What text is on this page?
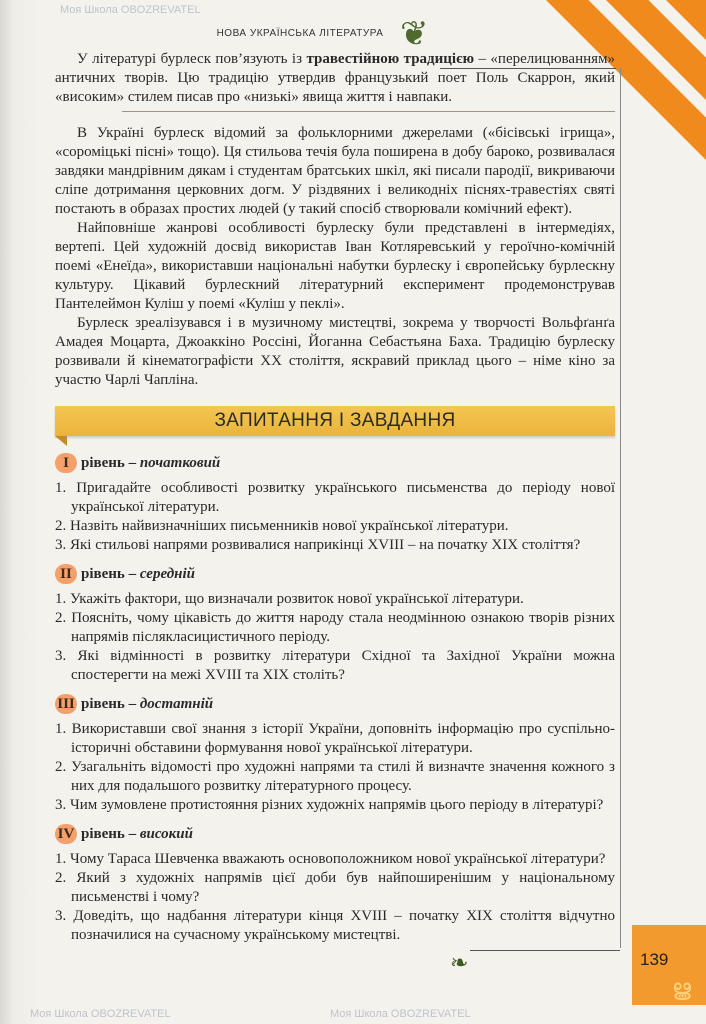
❦
❧
НОВА УКРАЇНСЬКА ЛІТЕРАТУРА

У літературі бурлеск пов’язують із травестійною традицією – «перелицюванням» античних творів. Цю традицію утвердив французький поет Поль Скаррон, який «високим» стилем писав про «низькі» явища життя і навпаки.

В Україні бурлеск відомий за фольклорними джерелами («бісівські ігрища», «сороміцькі пісні» тощо). Ця стильова течія була поширена в добу бароко, розвивалася завдяки мандрівним дякам і студентам братських шкіл, які писали пародії, викриваючи сліпе дотримання церковних догм. У різдвяних і великодніх піснях-травестіях святі постають в образах простих людей (у такий спосіб створювали комічний ефект).

Найповніше жанрові особливості бурлеску були представлені в інтермедіях, вертепі. Цей художній досвід використав Іван Котляревський у героїчно-комічній поемі «Енеїда», використавши національні набутки бурлеску і європейську бурлескну культуру. Цікавий бурлескний літературний експеримент продемонстрував Пантелеймон Куліш у поемі «Куліш у пеклі».

Бурлеск зреалізувався і в музичному мистецтві, зокрема у творчості Вольфґанґа Амадея Моцарта, Джоаккіно Россіні, Йоганна Себастьяна Баха. Традицію бурлеску розвивали й кінематографісти XX століття, яскравий приклад цього – німе кіно за участю Чарлі Чапліна.

ЗАПИТАННЯ І ЗАВДАННЯ
I рівень – початковий
1. Пригадайте особливості розвитку українського письменства до періоду нової української літератури.
2. Назвіть найвизначніших письменників нової української літератури.
3. Які стильові напрями розвивалися наприкінці XVIII – на початку XIX століття?
II рівень – середній
1. Укажіть фактори, що визначали розвиток нової української літератури.
2. Поясніть, чому цікавість до життя народу стала неодмінною ознакою творів різних напрямів післякласицистичного періоду.
3. Які відмінності в розвитку літератури Східної та Західної України можна спостерегти на межі XVIII та XIX століть?
III рівень – достатній
1. Використавши свої знання з історії України, доповніть інформацію про суспільно-історичні обставини формування нової української літератури.
2. Узагальніть відомості про художні напрями та стилі й визначте значення кожного з них для подальшого розвитку літературного процесу.
3. Чим зумовлене протистояння різних художніх напрямів цього періоду в літературі?
IV рівень – високий
1. Чому Тараса Шевченка вважають основоположником нової української літератури?
2. Який з художніх напрямів цієї доби був найпоширенішим у національному письменстві і чому?
3. Доведіть, що надбання літератури кінця XVIII – початку XIX століття відчутно позначилися на сучасному українському мистецтві.
139
ൠ
Моя Школа OBOZREVATEL
Моя Школа OBOZREVATEL	Моя Школа OBOZREVATEL
